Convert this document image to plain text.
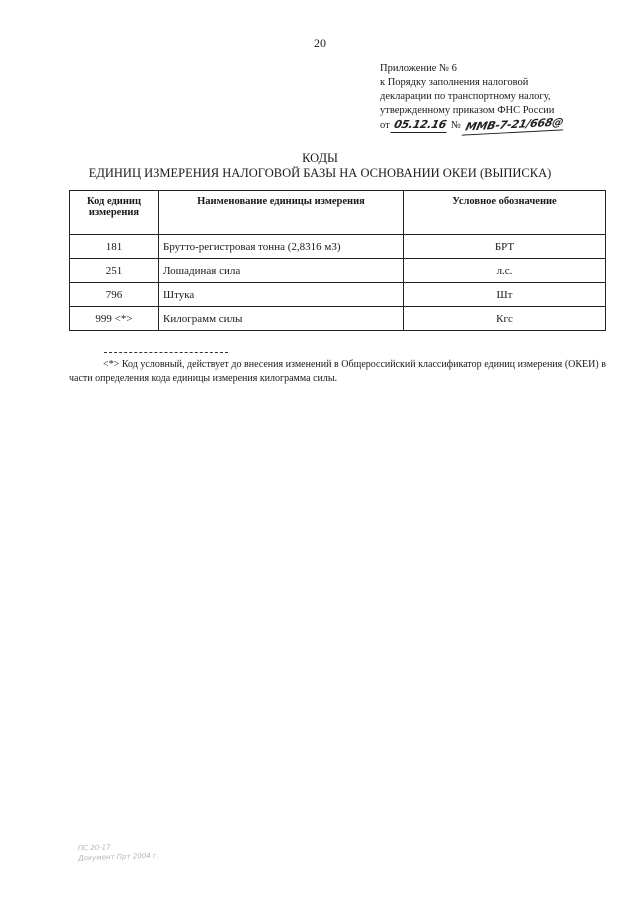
20
Приложение № 6
к Порядку заполнения налоговой
декларации по транспортному налогу,
утвержденному приказом ФНС России
от 05.12.16 № ММВ-7-21/668@
КОДЫ
ЕДИНИЦ ИЗМЕРЕНИЯ НАЛОГОВОЙ БАЗЫ НА ОСНОВАНИИ ОКЕИ (ВЫПИСКА)
Код единиц измерения	Наименование единицы измерения	Условное обозначение
181	Брутто-регистровая тонна (2,8316 м3)	БРТ
251	Лошадиная сила	л.с.
796	Штука	Шт
999 <*>	Килограмм силы	Кгс
<*> Код условный, действует до внесения изменений в Общероссийский классификатор единиц измерения (ОКЕИ) в части определения кода единицы измерения килограмма силы.
ПС 20-17
Документ Прт 2004 г.
